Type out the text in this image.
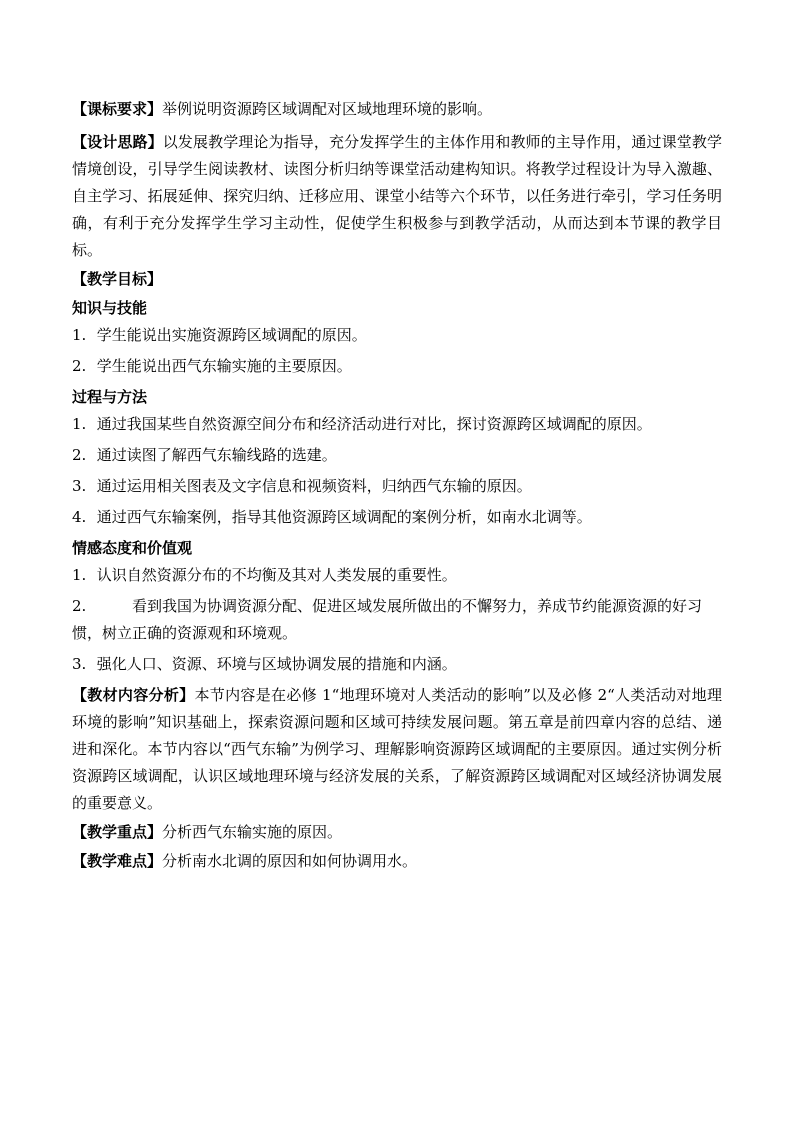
【课标要求】举例说明资源跨区域调配对区域地理环境的影响。

【设计思路】以发展教学理论为指导，充分发挥学生的主体作用和教师的主导作用，通过课堂教学情境创设，引导学生阅读教材、读图分析归纳等课堂活动建构知识。将教学过程设计为导入激趣、自主学习、拓展延伸、探究归纳、迁移应用、课堂小结等六个环节，以任务进行牵引，学习任务明确，有利于充分发挥学生学习主动性，促使学生积极参与到教学活动，从而达到本节课的教学目标。

【教学目标】

知识与技能

1. 学生能说出实施资源跨区域调配的原因。

2. 学生能说出西气东输实施的主要原因。

过程与方法

1. 通过我国某些自然资源空间分布和经济活动进行对比，探讨资源跨区域调配的原因。

2. 通过读图了解西气东输线路的选建。

3. 通过运用相关图表及文字信息和视频资料，归纳西气东输的原因。

4. 通过西气东输案例，指导其他资源跨区域调配的案例分析，如南水北调等。

情感态度和价值观

1. 认识自然资源分布的不均衡及其对人类发展的重要性。

2.	看到我国为协调资源分配、促进区域发展所做出的不懈努力，养成节约能源资源的好习惯，树立正确的资源观和环境观。

3. 强化人口、资源、环境与区域协调发展的措施和内涵。

【教材内容分析】本节内容是在必修 1“地理环境对人类活动的影响”以及必修 2“人类活动对地理环境的影响”知识基础上，探索资源问题和区域可持续发展问题。第五章是前四章内容的总结、递进和深化。本节内容以“西气东输”为例学习、理解影响资源跨区域调配的主要原因。通过实例分析资源跨区域调配，认识区域地理环境与经济发展的关系，了解资源跨区域调配对区域经济协调发展的重要意义。

【教学重点】分析西气东输实施的原因。

【教学难点】分析南水北调的原因和如何协调用水。
